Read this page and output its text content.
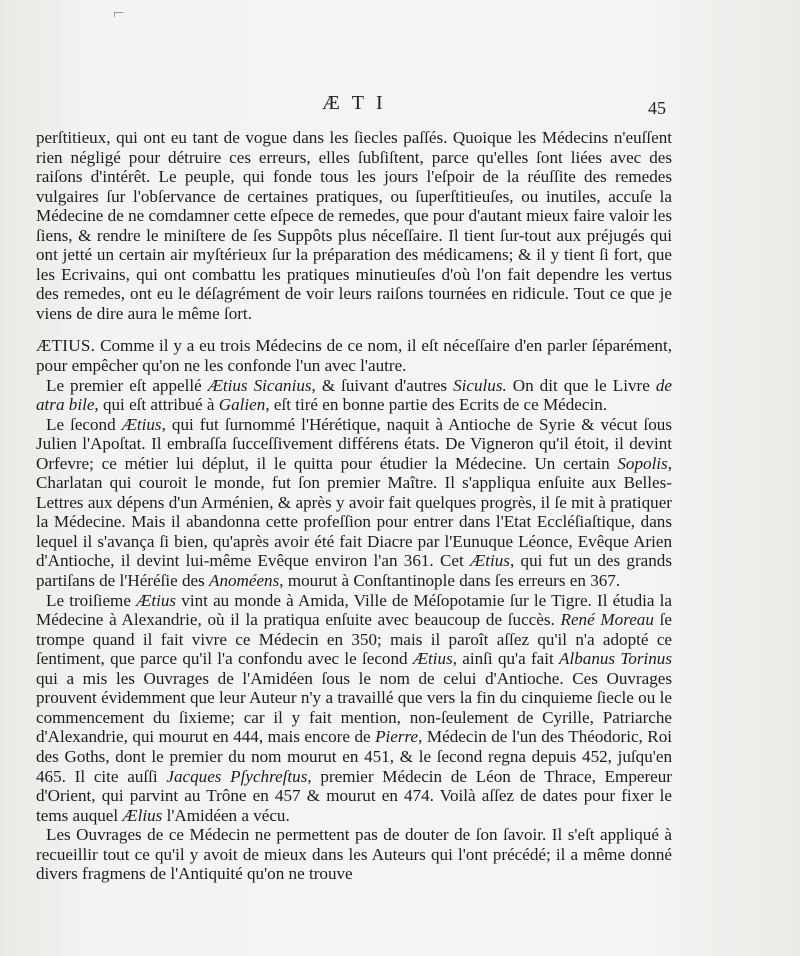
⌐
ÆTI	45

perſtitieux, qui ont eu tant de vogue dans les ſiecles paſſés. Quoique les Médecins n'euſſent rien négligé pour détruire ces erreurs, elles ſubſiſtent, parce qu'elles ſont liées avec des raiſons d'intérêt. Le peuple, qui fonde tous les jours l'eſpoir de la réuſſite des remedes vulgaires ſur l'obſervance de certaines pratiques, ou ſuperſtitieuſes, ou inutiles, accuſe la Médecine de ne comdamner cette eſpece de remedes, que pour d'autant mieux faire valoir les ſiens, & rendre le miniſtere de ſes Suppôts plus néceſſaire. Il tient ſur-tout aux préjugés qui ont jetté un certain air myſtérieux ſur la préparation des médicamens; & il y tient ſi fort, que les Ecrivains, qui ont combattu les pratiques minutieuſes d'où l'on fait dependre les vertus des remedes, ont eu le déſagrément de voir leurs raiſons tournées en ridicule. Tout ce que je viens de dire aura le même ſort.

ÆTIUS. Comme il y a eu trois Médecins de ce nom, il eſt néceſſaire d'en parler ſéparément, pour empêcher qu'on ne les confonde l'un avec l'autre.

Le premier eſt appellé Ætius Sicanius, & ſuivant d'autres Siculus. On dit que le Livre de atra bile, qui eſt attribué à Galien, eſt tiré en bonne partie des Ecrits de ce Médecin.

Le ſecond Ætius, qui fut ſurnommé l'Hérétique, naquit à Antioche de Syrie & vécut ſous Julien l'Apoſtat. Il embraſſa ſucceſſivement différens états. De Vigneron qu'il étoit, il devint Orfevre; ce métier lui déplut, il le quitta pour étudier la Médecine. Un certain Sopolis, Charlatan qui couroit le monde, fut ſon premier Maître. Il s'appliqua enſuite aux Belles-Lettres aux dépens d'un Arménien, & après y avoir fait quelques progrès, il ſe mit à pratiquer la Médecine. Mais il abandonna cette profeſſion pour entrer dans l'Etat Eccléſiaſtique, dans lequel il s'avança ſi bien, qu'après avoir été fait Diacre par l'Eunuque Léonce, Evêque Arien d'Antioche, il devint lui-même Evêque environ l'an 361. Cet Ætius, qui fut un des grands partiſans de l'Héréſie des Anoméens, mourut à Conſtantinople dans ſes erreurs en 367.

Le troiſieme Ætius vint au monde à Amida, Ville de Méſopotamie ſur le Tigre. Il étudia la Médecine à Alexandrie, où il la pratiqua enſuite avec beaucoup de ſuccès. René Moreau ſe trompe quand il fait vivre ce Médecin en 350; mais il paroît aſſez qu'il n'a adopté ce ſentiment, que parce qu'il l'a confondu avec le ſecond Ætius, ainſi qu'a fait Albanus Torinus qui a mis les Ouvrages de l'Amidéen ſous le nom de celui d'Antioche. Ces Ouvrages prouvent évidemment que leur Auteur n'y a travaillé que vers la fin du cinquieme ſiecle ou le commencement du ſixieme; car il y fait mention, non-ſeulement de Cyrille, Patriarche d'Alexandrie, qui mourut en 444, mais encore de Pierre, Médecin de l'un des Théodoric, Roi des Goths, dont le premier du nom mourut en 451, & le ſecond regna depuis 452, juſqu'en 465. Il cite auſſi Jacques Pſychreſtus, premier Médecin de Léon de Thrace, Empereur d'Orient, qui parvint au Trône en 457 & mourut en 474. Voilà aſſez de dates pour fixer le tems auquel Ælius l'Amidéen a vécu.

Les Ouvrages de ce Médecin ne permettent pas de douter de ſon ſavoir. Il s'eſt appliqué à recueillir tout ce qu'il y avoit de mieux dans les Auteurs qui l'ont précédé; il a même donné divers fragmens de l'Antiquité qu'on ne trouve
